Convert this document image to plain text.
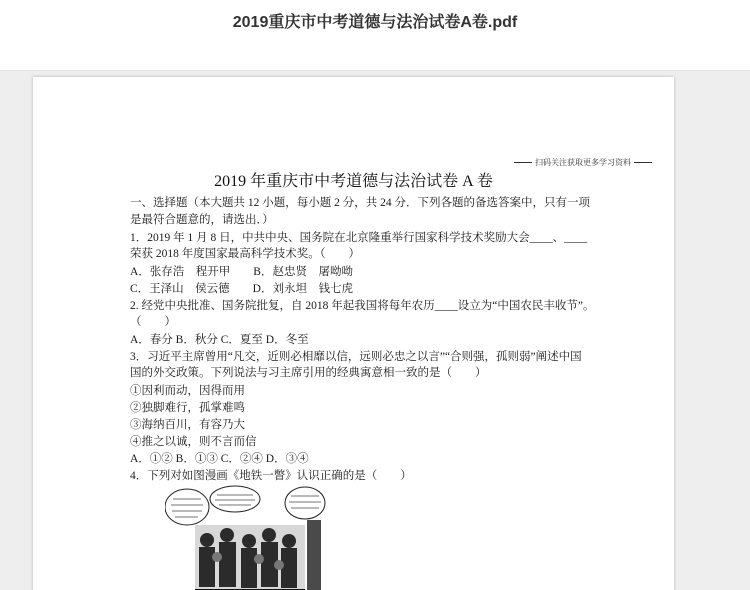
2019重庆市中考道德与法治试卷A卷.pdf
扫码关注获取更多学习资料
2019 年重庆市中考道德与法治试卷 A 卷
一、选择题（本大题共 12 小题，每小题 2 分，共 24 分．下列各题的备选答案中，只有一项
是最符合题意的，请选出．）
1．2019 年 1 月 8 日，中共中央、国务院在北京隆重举行国家科学技术奖励大会____、____
荣获 2018 年度国家最高科学技术奖。（　　）
A．张存浩　程开甲　　B．赵忠贤　屠呦呦
C．王泽山　侯云德　　D．刘永坦　钱七虎
2. 经党中央批准、国务院批复，自 2018 年起我国将每年农历____设立为“中国农民丰收节”。
（　　）
A．春分 B．秋分 C．夏至 D．冬至
3．习近平主席曾用“凡交，近则必相靡以信，远则必忠之以言”“合则强，孤则弱”阐述中国
国的外交政策。下列说法与习主席引用的经典寓意相一致的是（　　）
①因利而动，因得而用
②独脚难行，孤掌难鸣
③海纳百川，有容乃大
④推之以诚，则不言而信
A．①② B．①③ C．②④ D．③④
4．下列对如图漫画《地铁一瞥》认识正确的是（　　）
